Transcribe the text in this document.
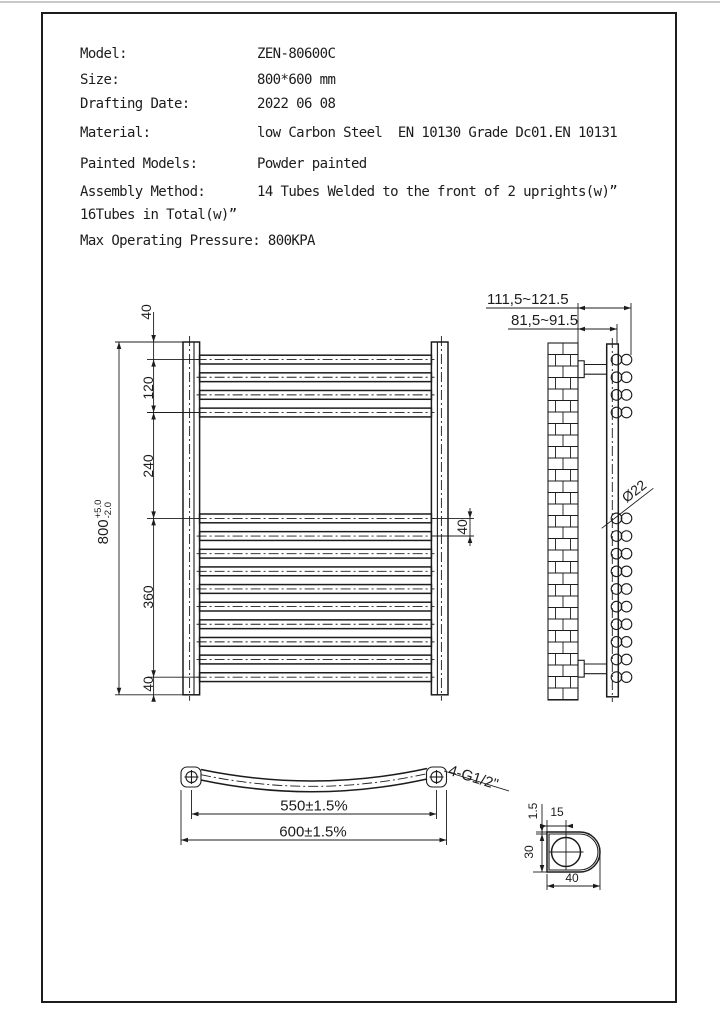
Model:	ZEN-80600C
Size:	800*600 mm
Drafting Date:	2022 06 08
Material:	low Carbon Steel  EN 10130 Grade Dc01.EN 10131
Painted Models:	Powder painted
Assembly Method:	14 Tubes Welded to the front of 2 uprights(w)”
16Tubes in Total(w)”
Max Operating Pressure: 800KPA
40
120
240
360
40
800
+5.0
-2.0
40
111,5~121.5
81,5~91.5
Ø22
550±1.5%
600±1.5%
4-G1/2"
1.5 15
30
40
